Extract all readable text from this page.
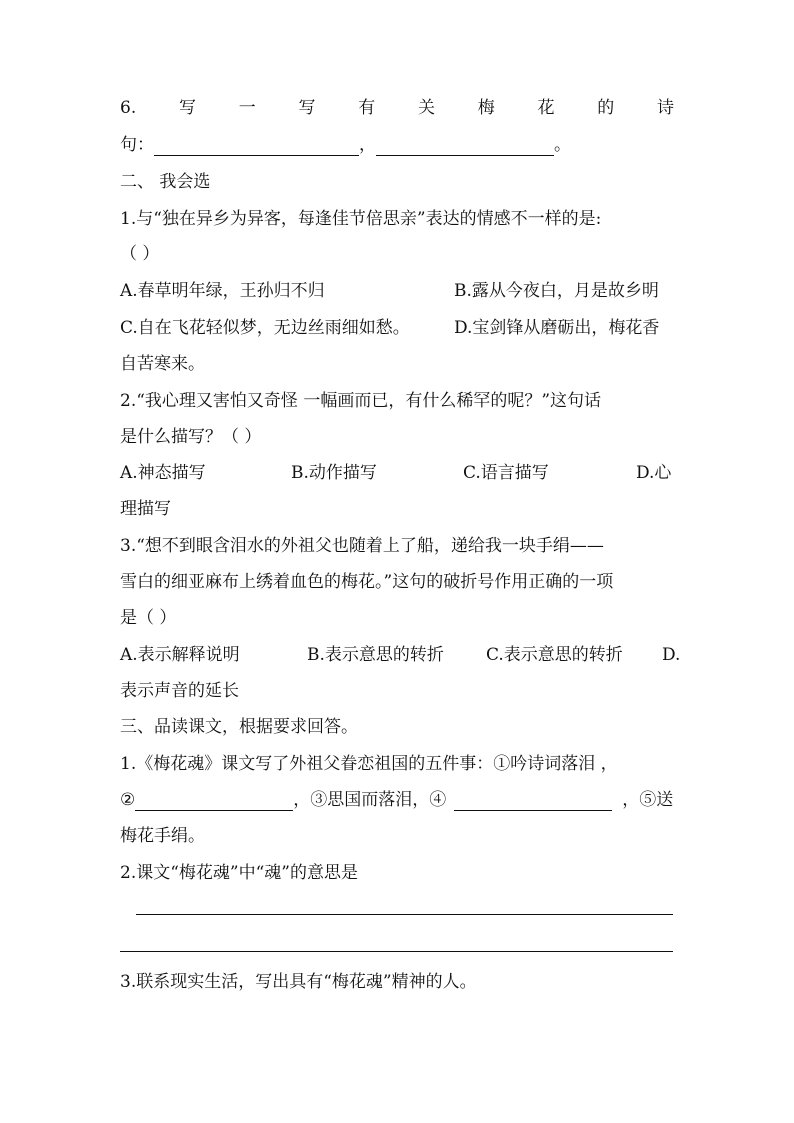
6.	写	一	写	有	关	梅	花	的	诗
句：	，	。
二、 我会选
1.与“独在异乡为异客，每逢佳节倍思亲”表达的情感不一样的是:
（ ）
A.春草明年绿，王孙归不归	B.露从今夜白，月是故乡明
C.自在飞花轻似梦，无边丝雨细如愁。	D.宝剑锋从磨砺出，梅花香
自苦寒来。
2.“我心理又害怕又奇怪 一幅画而已，有什么稀罕的呢？”这句话
是什么描写？（ ）
A.神态描写	B.动作描写	C.语言描写	D.心
理描写
3.“想不到眼含泪水的外祖父也随着上了船，递给我一块手绢——
雪白的细亚麻布上绣着血色的梅花。”这句的破折号作用正确的一项
是（ ）
A.表示解释说明	B.表示意思的转折 C.表示意思的转折 D.
表示声音的延长
三、品读课文，根据要求回答。
1.《梅花魂》课文写了外祖父眷恋祖国的五件事：①吟诗词落泪 ，
②	，③思国而落泪，④	，⑤送
梅花手绢。
2.课文“梅花魂”中“魂”的意思是
3.联系现实生活，写出具有“梅花魂”精神的人。
